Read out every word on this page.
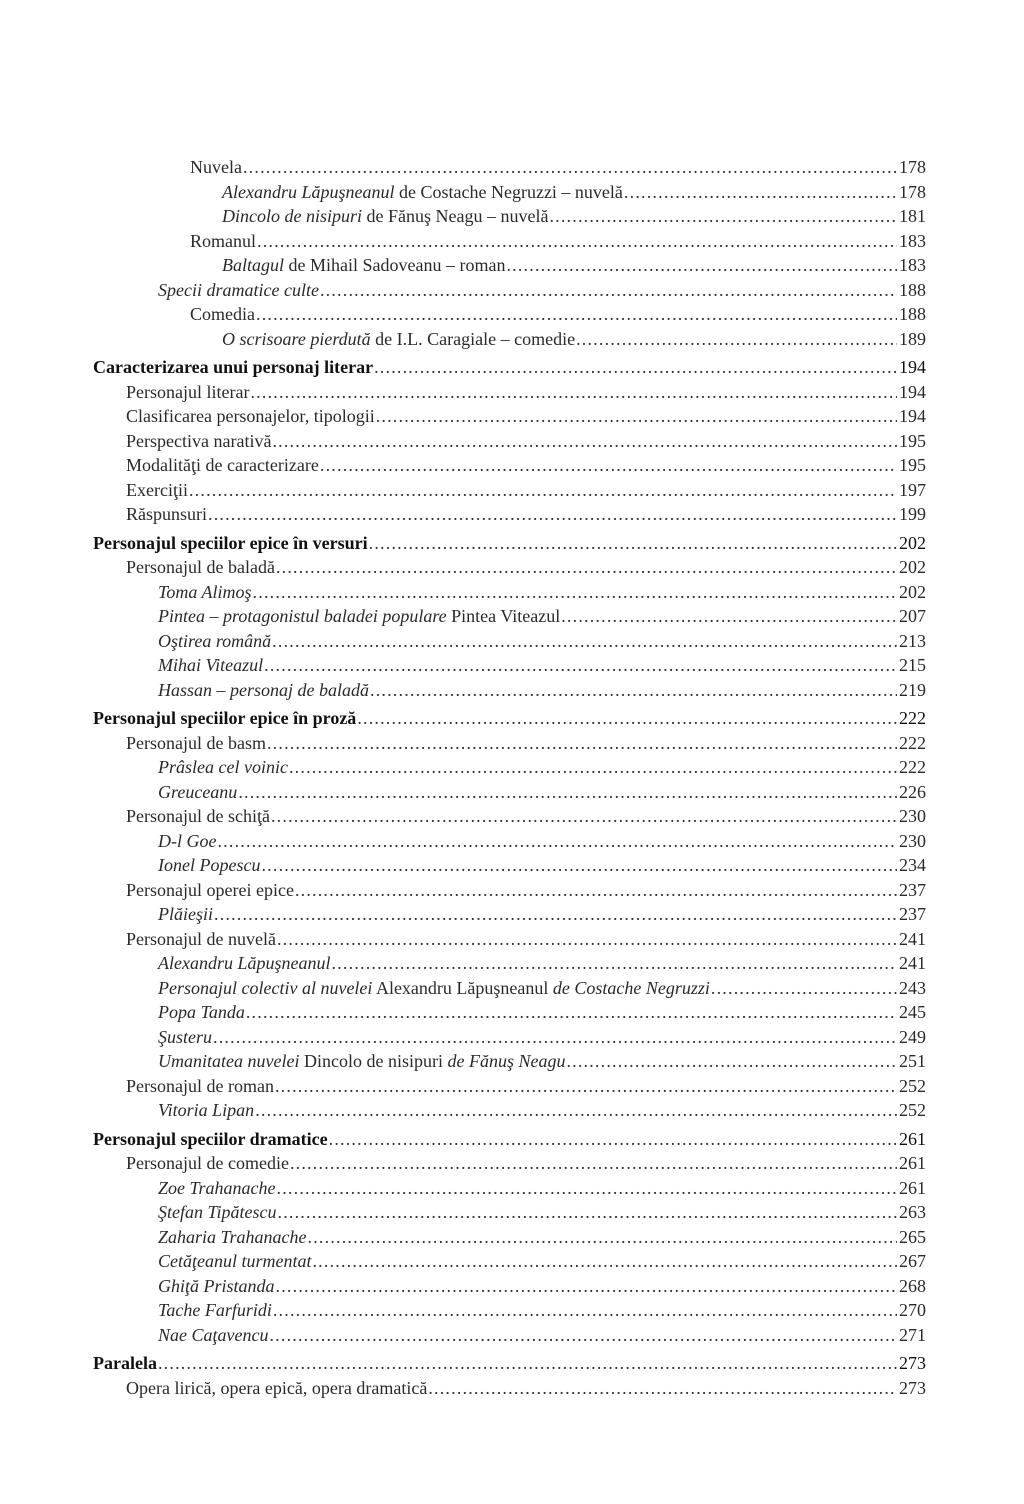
Nuvela .....	178
Alexandru Lăpuşneanul de Costache Negruzzi – nuvelă .....	178
Dincolo de nisipuri de Fănuş Neagu – nuvelă .....	181
Romanul .....	183
Baltagul de Mihail Sadoveanu – roman .....	183
Specii dramatice culte .....	188
Comedia .....	188
O scrisoare pierdută de I.L. Caragiale – comedie .....	189
Caracterizarea unui personaj literar .....	194
Personajul literar .....	194
Clasificarea personajelor, tipologii .....	194
Perspectiva narativă .....	195
Modalităţi de caracterizare .....	195
Exerciţii .....	197
Răspunsuri .....	199
Personajul speciilor epice în versuri .....	202
Personajul de baladă .....	202
Toma Alimoş .....	202
Pintea – protagonistul baladei populare Pintea Viteazul .....	207
Oştirea română .....	213
Mihai Viteazul .....	215
Hassan – personaj de baladă .....	219
Personajul speciilor epice în proză .....	222
Personajul de basm .....	222
Prâslea cel voinic .....	222
Greuceanu .....	226
Personajul de schiţă .....	230
D-l Goe .....	230
Ionel Popescu .....	234
Personajul operei epice .....	237
Plăieşii .....	237
Personajul de nuvelă .....	241
Alexandru Lăpuşneanul .....	241
Personajul colectiv al nuvelei Alexandru Lăpuşneanul de Costache Negruzzi .....	243
Popa Tanda .....	245
Şusteru .....	249
Umanitatea nuvelei Dincolo de nisipuri de Fănuş Neagu .....	251
Personajul de roman .....	252
Vitoria Lipan .....	252
Personajul speciilor dramatice .....	261
Personajul de comedie .....	261
Zoe Trahanache .....	261
Ştefan Tipătescu .....	263
Zaharia Trahanache .....	265
Cetăţeanul turmentat .....	267
Ghiţă Pristanda .....	268
Tache Farfuridi .....	270
Nae Caţavencu .....	271
Paralela .....	273
Opera lirică, opera epică, opera dramatică .....	273
